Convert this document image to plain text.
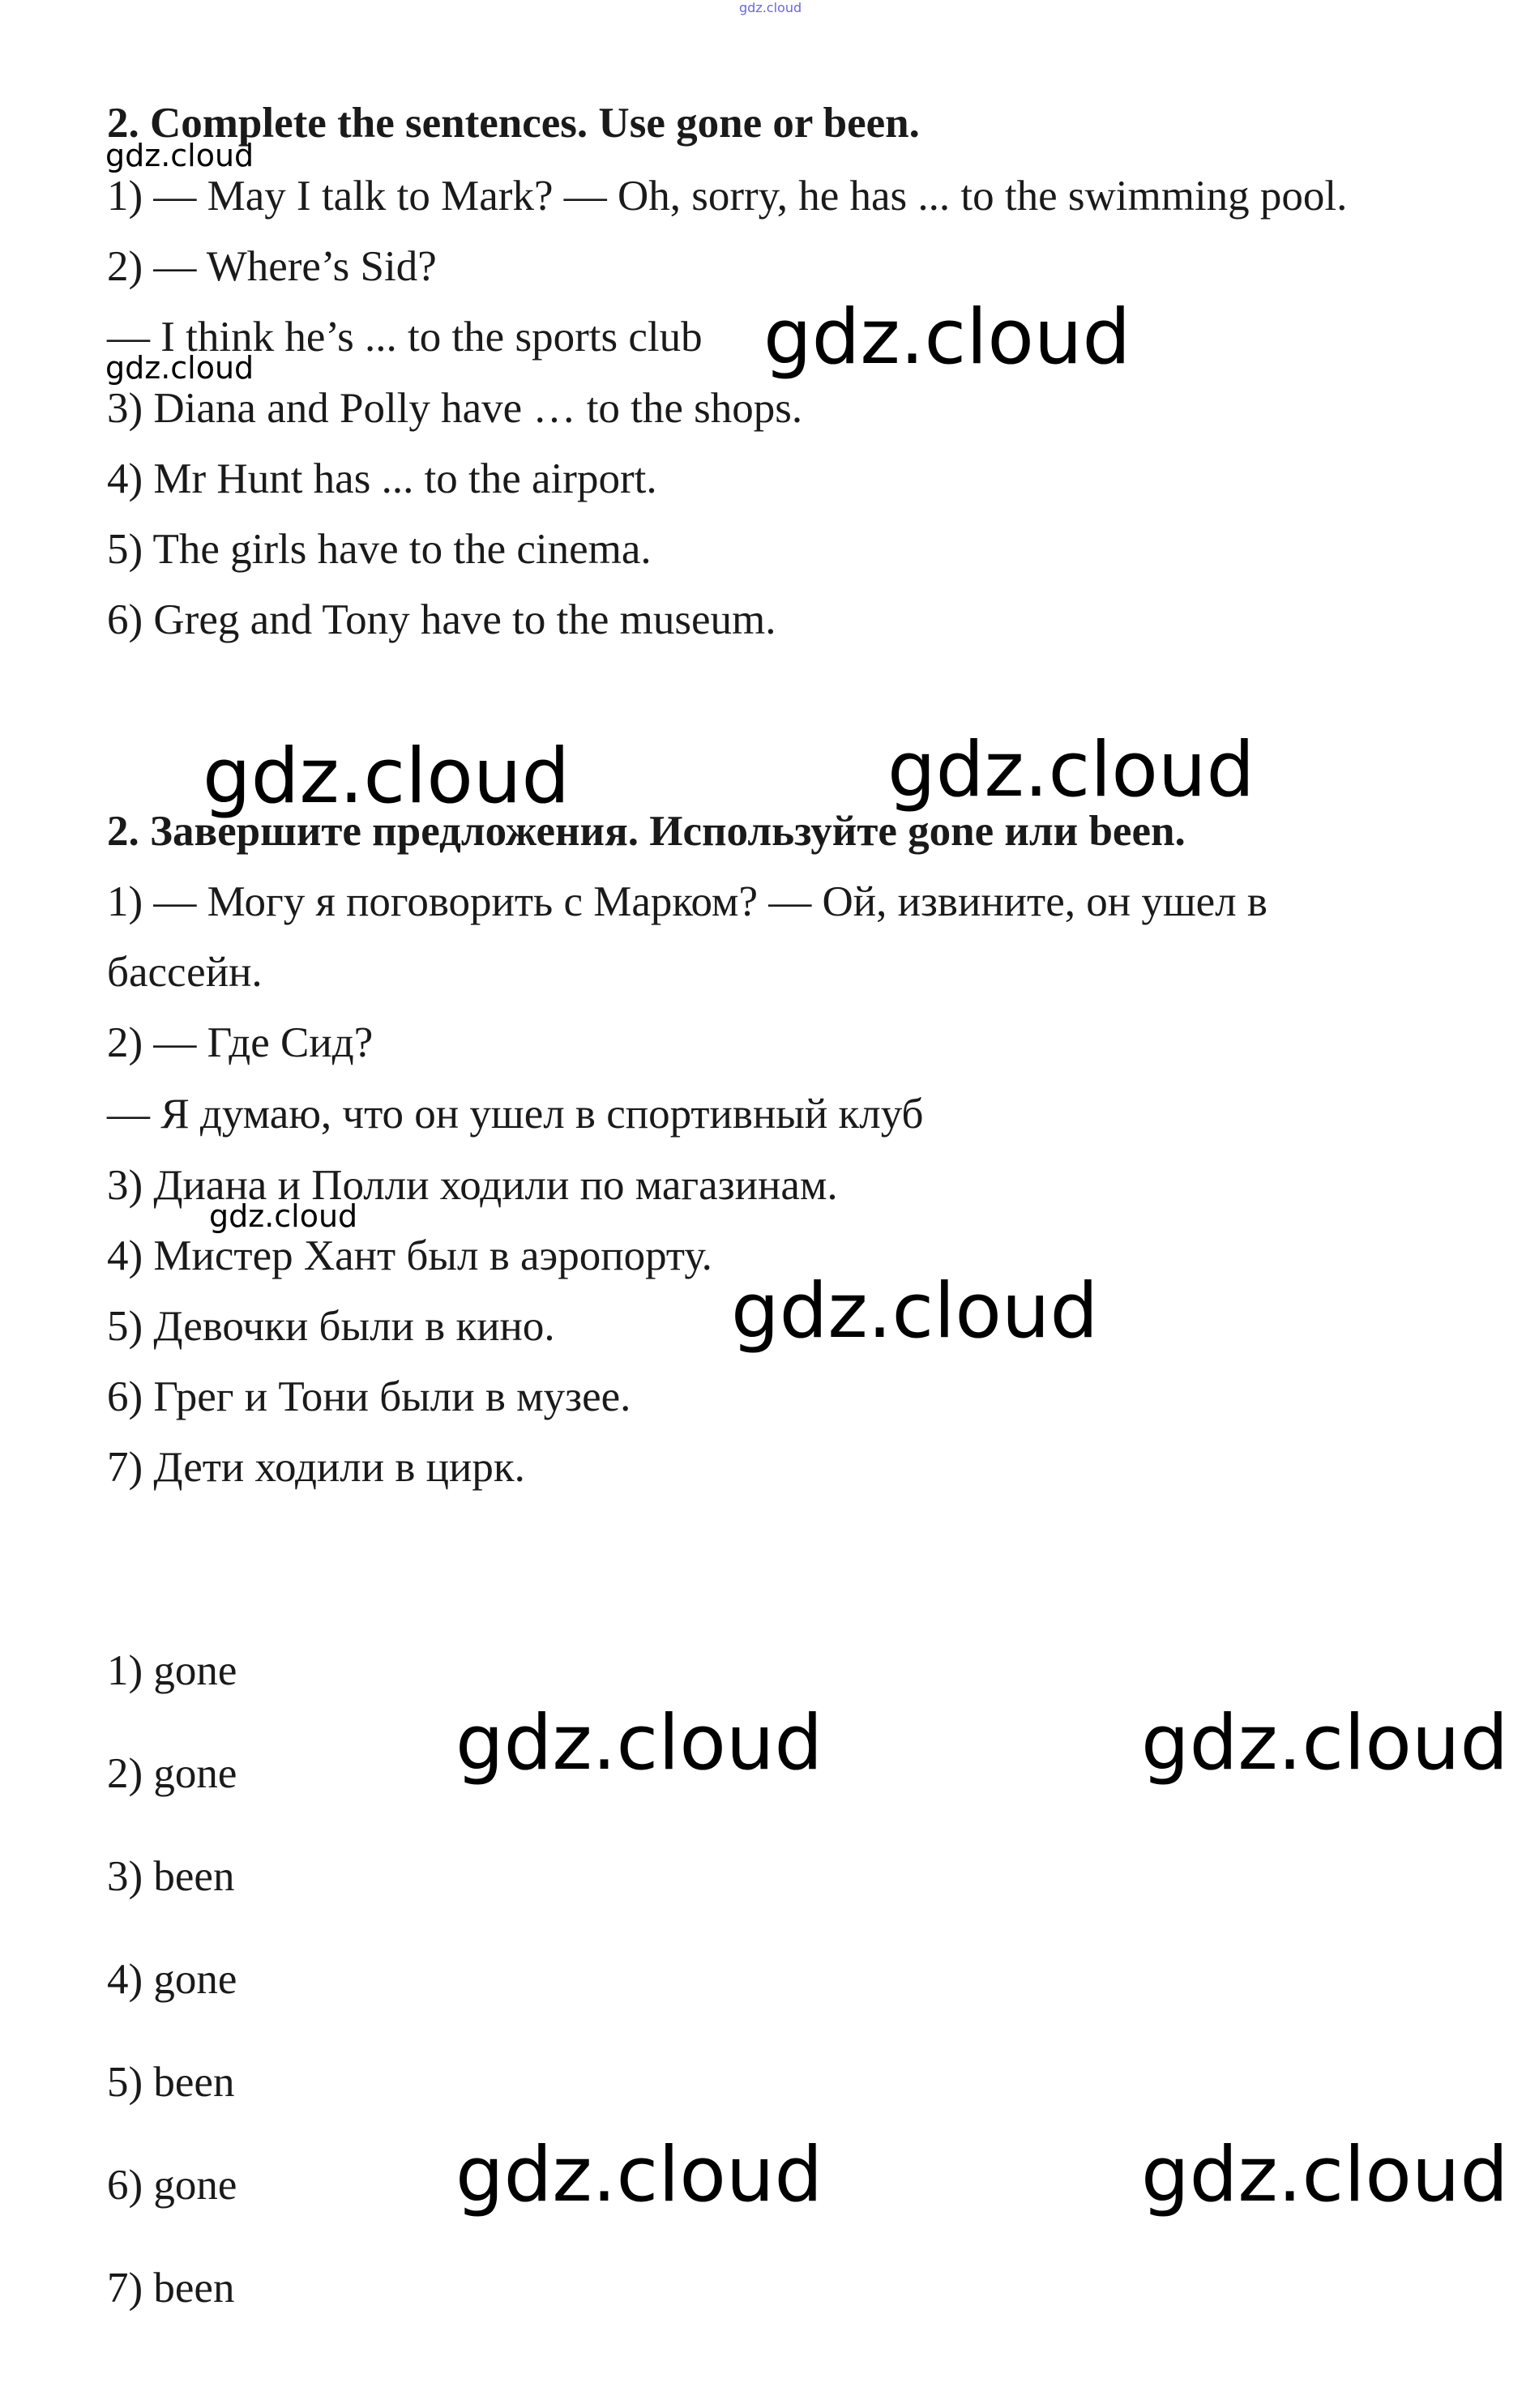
gdz.cloud
2. Complete the sentences. Use gone or been.
1) — May I talk to Mark? — Oh, sorry, he has ... to the swimming pool.
2) — Where’s Sid?
— I think he’s ... to the sports club
3) Diana and Polly have … to the shops.
4) Mr Hunt has ... to the airport.
5) The girls have to the cinema.
6) Greg and Tony have to the museum.
2. Завершите предложения. Используйте gone или been.
1) — Могу я поговорить с Марком? — Ой, извините, он ушел в
бассейн.
2) — Где Сид?
— Я думаю, что он ушел в спортивный клуб
3) Диана и Полли ходили по магазинам.
4) Мистер Хант был в аэропорту.
5) Девочки были в кино.
6) Грег и Тони были в музее.
7) Дети ходили в цирк.
1) gone
2) gone
3) been
4) gone
5) been
6) gone
7) been
gdz.cloud
gdz.cloud
gdz.cloud
gdz.cloud
gdz.cloud	gdz.cloud
gdz.cloud
gdz.cloud	gdz.cloud
gdz.cloud	gdz.cloud
